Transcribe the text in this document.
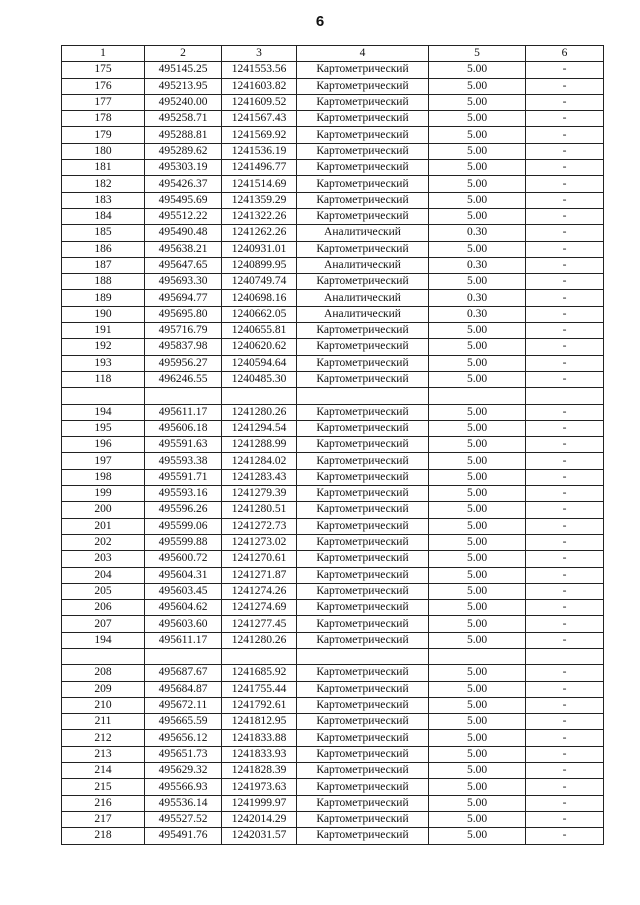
6
1	2	3	4	5	6
175	495145.25	1241553.56	Картометрический	5.00	-
176	495213.95	1241603.82	Картометрический	5.00	-
177	495240.00	1241609.52	Картометрический	5.00	-
178	495258.71	1241567.43	Картометрический	5.00	-
179	495288.81	1241569.92	Картометрический	5.00	-
180	495289.62	1241536.19	Картометрический	5.00	-
181	495303.19	1241496.77	Картометрический	5.00	-
182	495426.37	1241514.69	Картометрический	5.00	-
183	495495.69	1241359.29	Картометрический	5.00	-
184	495512.22	1241322.26	Картометрический	5.00	-
185	495490.48	1241262.26	Аналитический	0.30	-
186	495638.21	1240931.01	Картометрический	5.00	-
187	495647.65	1240899.95	Аналитический	0.30	-
188	495693.30	1240749.74	Картометрический	5.00	-
189	495694.77	1240698.16	Аналитический	0.30	-
190	495695.80	1240662.05	Аналитический	0.30	-
191	495716.79	1240655.81	Картометрический	5.00	-
192	495837.98	1240620.62	Картометрический	5.00	-
193	495956.27	1240594.64	Картометрический	5.00	-
118	496246.55	1240485.30	Картометрический	5.00	-

194	495611.17	1241280.26	Картометрический	5.00	-
195	495606.18	1241294.54	Картометрический	5.00	-
196	495591.63	1241288.99	Картометрический	5.00	-
197	495593.38	1241284.02	Картометрический	5.00	-
198	495591.71	1241283.43	Картометрический	5.00	-
199	495593.16	1241279.39	Картометрический	5.00	-
200	495596.26	1241280.51	Картометрический	5.00	-
201	495599.06	1241272.73	Картометрический	5.00	-
202	495599.88	1241273.02	Картометрический	5.00	-
203	495600.72	1241270.61	Картометрический	5.00	-
204	495604.31	1241271.87	Картометрический	5.00	-
205	495603.45	1241274.26	Картометрический	5.00	-
206	495604.62	1241274.69	Картометрический	5.00	-
207	495603.60	1241277.45	Картометрический	5.00	-
194	495611.17	1241280.26	Картометрический	5.00	-

208	495687.67	1241685.92	Картометрический	5.00	-
209	495684.87	1241755.44	Картометрический	5.00	-
210	495672.11	1241792.61	Картометрический	5.00	-
211	495665.59	1241812.95	Картометрический	5.00	-
212	495656.12	1241833.88	Картометрический	5.00	-
213	495651.73	1241833.93	Картометрический	5.00	-
214	495629.32	1241828.39	Картометрический	5.00	-
215	495566.93	1241973.63	Картометрический	5.00	-
216	495536.14	1241999.97	Картометрический	5.00	-
217	495527.52	1242014.29	Картометрический	5.00	-
218	495491.76	1242031.57	Картометрический	5.00	-
